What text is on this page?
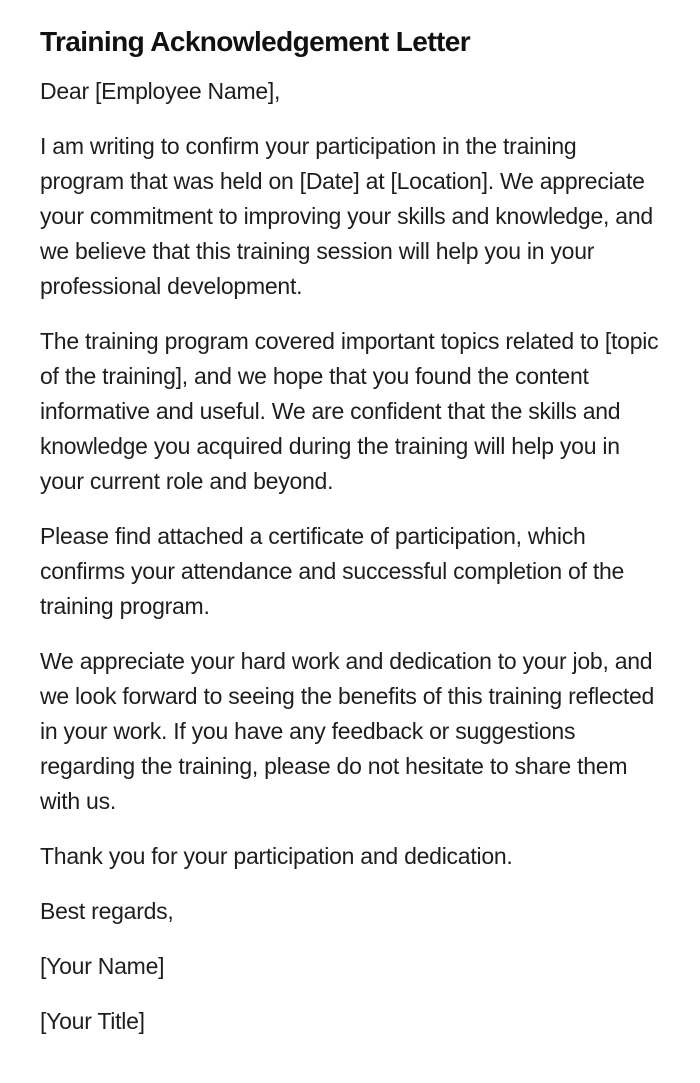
Training Acknowledgement Letter

Dear [Employee Name],

I am writing to confirm your participation in the training program that was held on [Date] at [Location]. We appreciate your commitment to improving your skills and knowledge, and we believe that this training session will help you in your professional development.

The training program covered important topics related to [topic of the training], and we hope that you found the content informative and useful. We are confident that the skills and knowledge you acquired during the training will help you in your current role and beyond.

Please find attached a certificate of participation, which confirms your attendance and successful completion of the training program.

We appreciate your hard work and dedication to your job, and we look forward to seeing the benefits of this training reflected in your work. If you have any feedback or suggestions regarding the training, please do not hesitate to share them with us.

Thank you for your participation and dedication.

Best regards,

[Your Name]

[Your Title]
